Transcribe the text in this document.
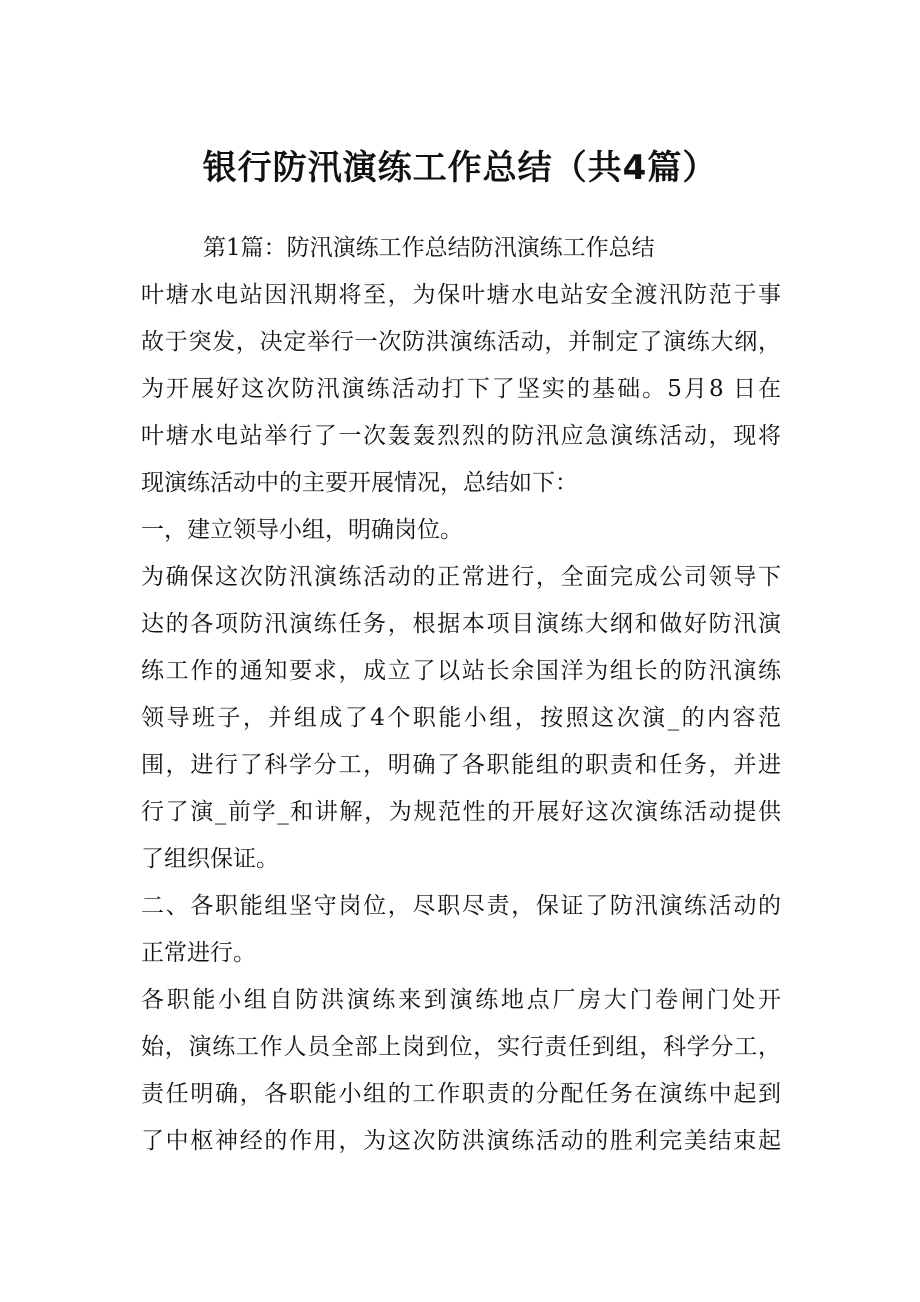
银行防汛演练工作总结（共4篇）
第1篇：防汛演练工作总结防汛演练工作总结
叶塘水电站因汛期将至，为保叶塘水电站安全渡汛防范于事
故于突发，决定举行一次防洪演练活动，并制定了演练大纲，
为开展好这次防汛演练活动打下了坚实的基础。5月8 日在
叶塘水电站举行了一次轰轰烈烈的防汛应急演练活动，现将
现演练活动中的主要开展情况，总结如下：
一，建立领导小组，明确岗位。
为确保这次防汛演练活动的正常进行，全面完成公司领导下
达的各项防汛演练任务，根据本项目演练大纲和做好防汛演
练工作的通知要求，成立了以站长余国洋为组长的防汛演练
领导班子，并组成了4个职能小组，按照这次演_的内容范
围，进行了科学分工，明确了各职能组的职责和任务，并进
行了演_前学_和讲解，为规范性的开展好这次演练活动提供
了组织保证。
二、各职能组坚守岗位，尽职尽责，保证了防汛演练活动的
正常进行。
各职能小组自防洪演练来到演练地点厂房大门卷闸门处开
始，演练工作人员全部上岗到位，实行责任到组，科学分工，
责任明确，各职能小组的工作职责的分配任务在演练中起到
了中枢神经的作用，为这次防洪演练活动的胜利完美结束起
